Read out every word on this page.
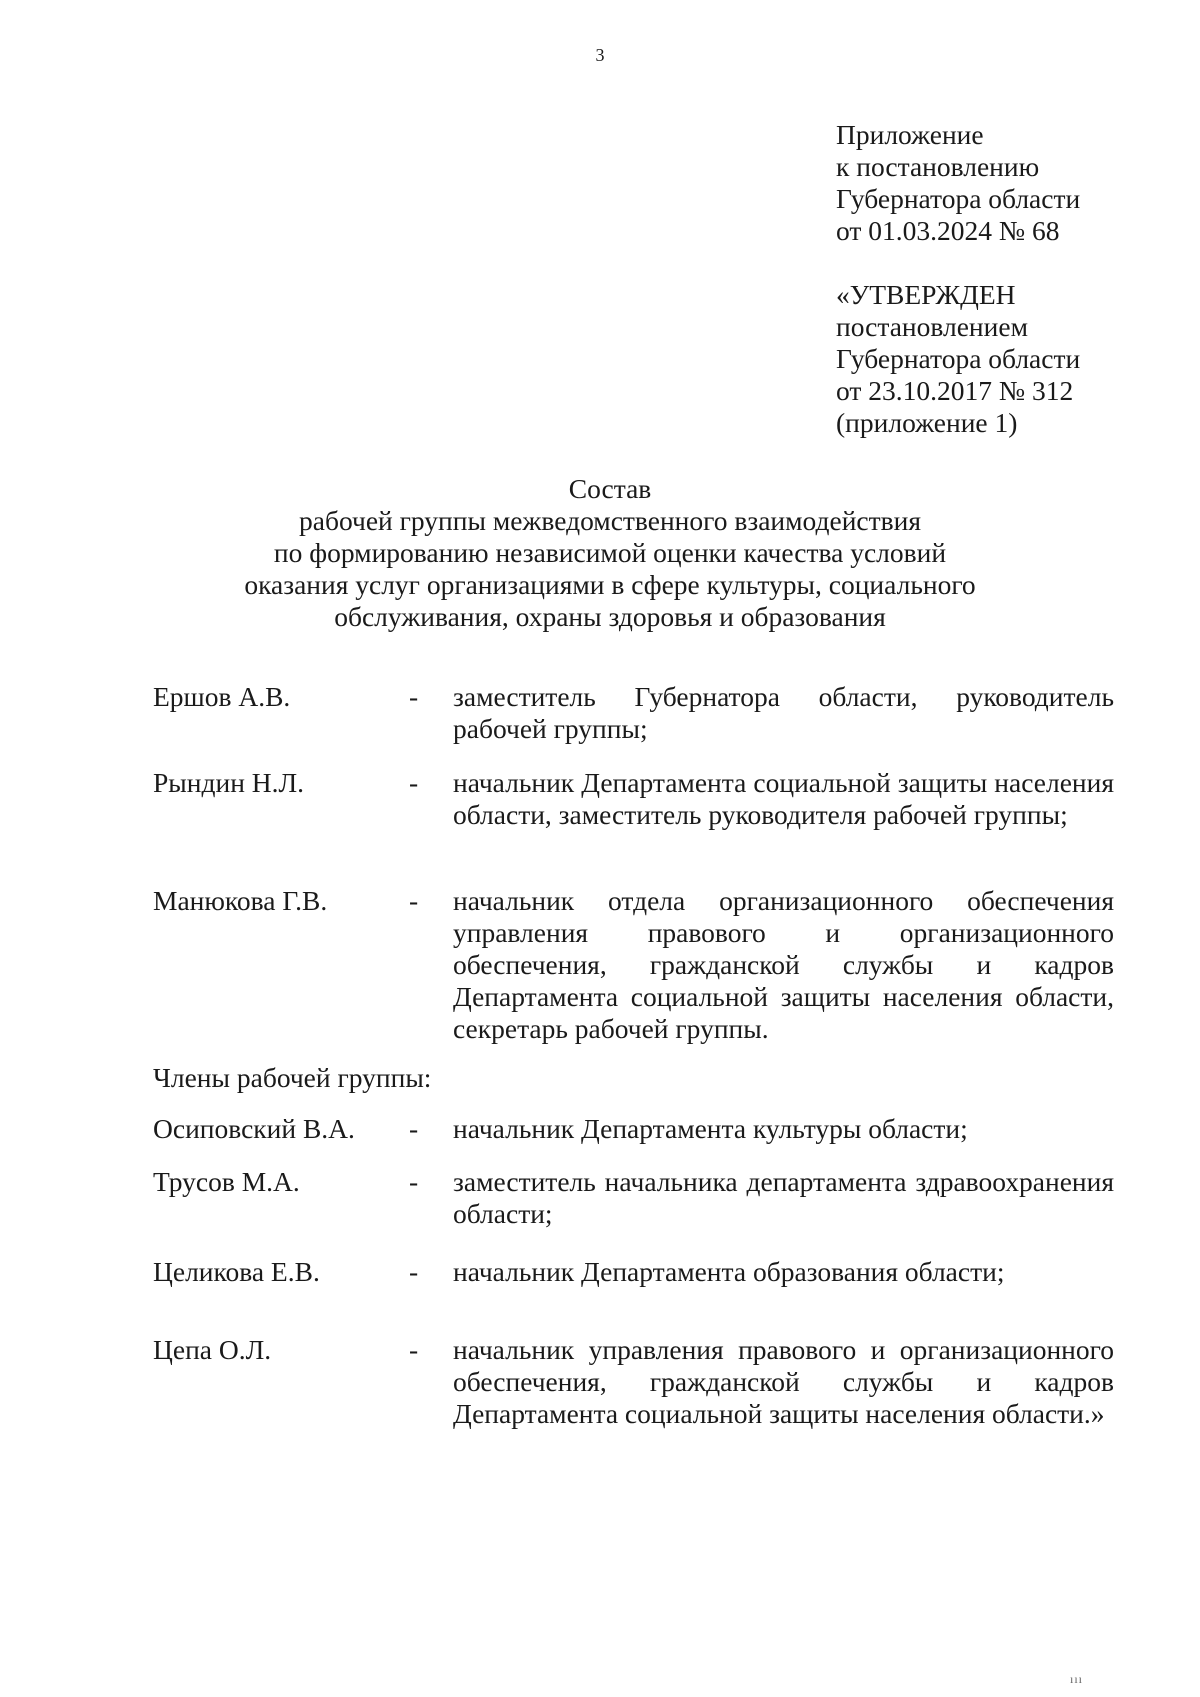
3
Приложение
к постановлению
Губернатора области
от 01.03.2024 № 68
«УТВЕРЖДЕН
постановлением
Губернатора области
от 23.10.2017 № 312
(приложение 1)
Состав
рабочей группы межведомственного взаимодействия
по формированию независимой оценки качества условий
оказания услуг организациями в сфере культуры, социального
обслуживания, охраны здоровья и образования
Ершов А.В.	- заместитель Губернатора области, руководитель рабочей группы;
Рындин Н.Л.	- начальник Департамента социальной защиты населения области, заместитель руководителя рабочей группы;
Манюкова Г.В.	- начальник отдела организационного обеспечения управления правового и организационного обеспечения, гражданской службы и кадров Департамента социальной защиты населения области, секретарь рабочей группы.
Члены рабочей группы:
Осиповский В.А. - начальник Департамента культуры области;
Трусов М.А.	- заместитель начальника департамента здравоохранения области;
Целикова Е.В.	- начальник Департамента образования области;
Цепа О.Л.	- начальник управления правового и организационного обеспечения, гражданской службы и кадров Департамента социальной защиты населения области.»
ııı
